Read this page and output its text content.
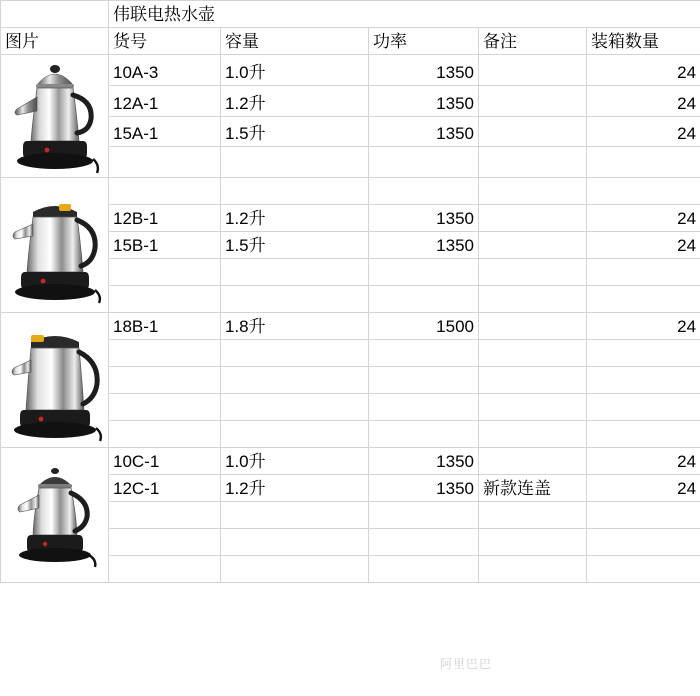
	伟联电热水壶				
图片	货号	容量	功率	备注	装箱数量

	10A-3	1.0升	1350		24
	12A-1	1.2升	1350		24
	15A-1	1.5升	1350		24

	12B-1	1.2升	1350		24
	15B-1	1.5升	1350		24

	18B-1	1.8升	1500		24

	10C-1	1.0升	1350		24
	12C-1	1.2升	1350	新款连盖	24

阿里巴巴
